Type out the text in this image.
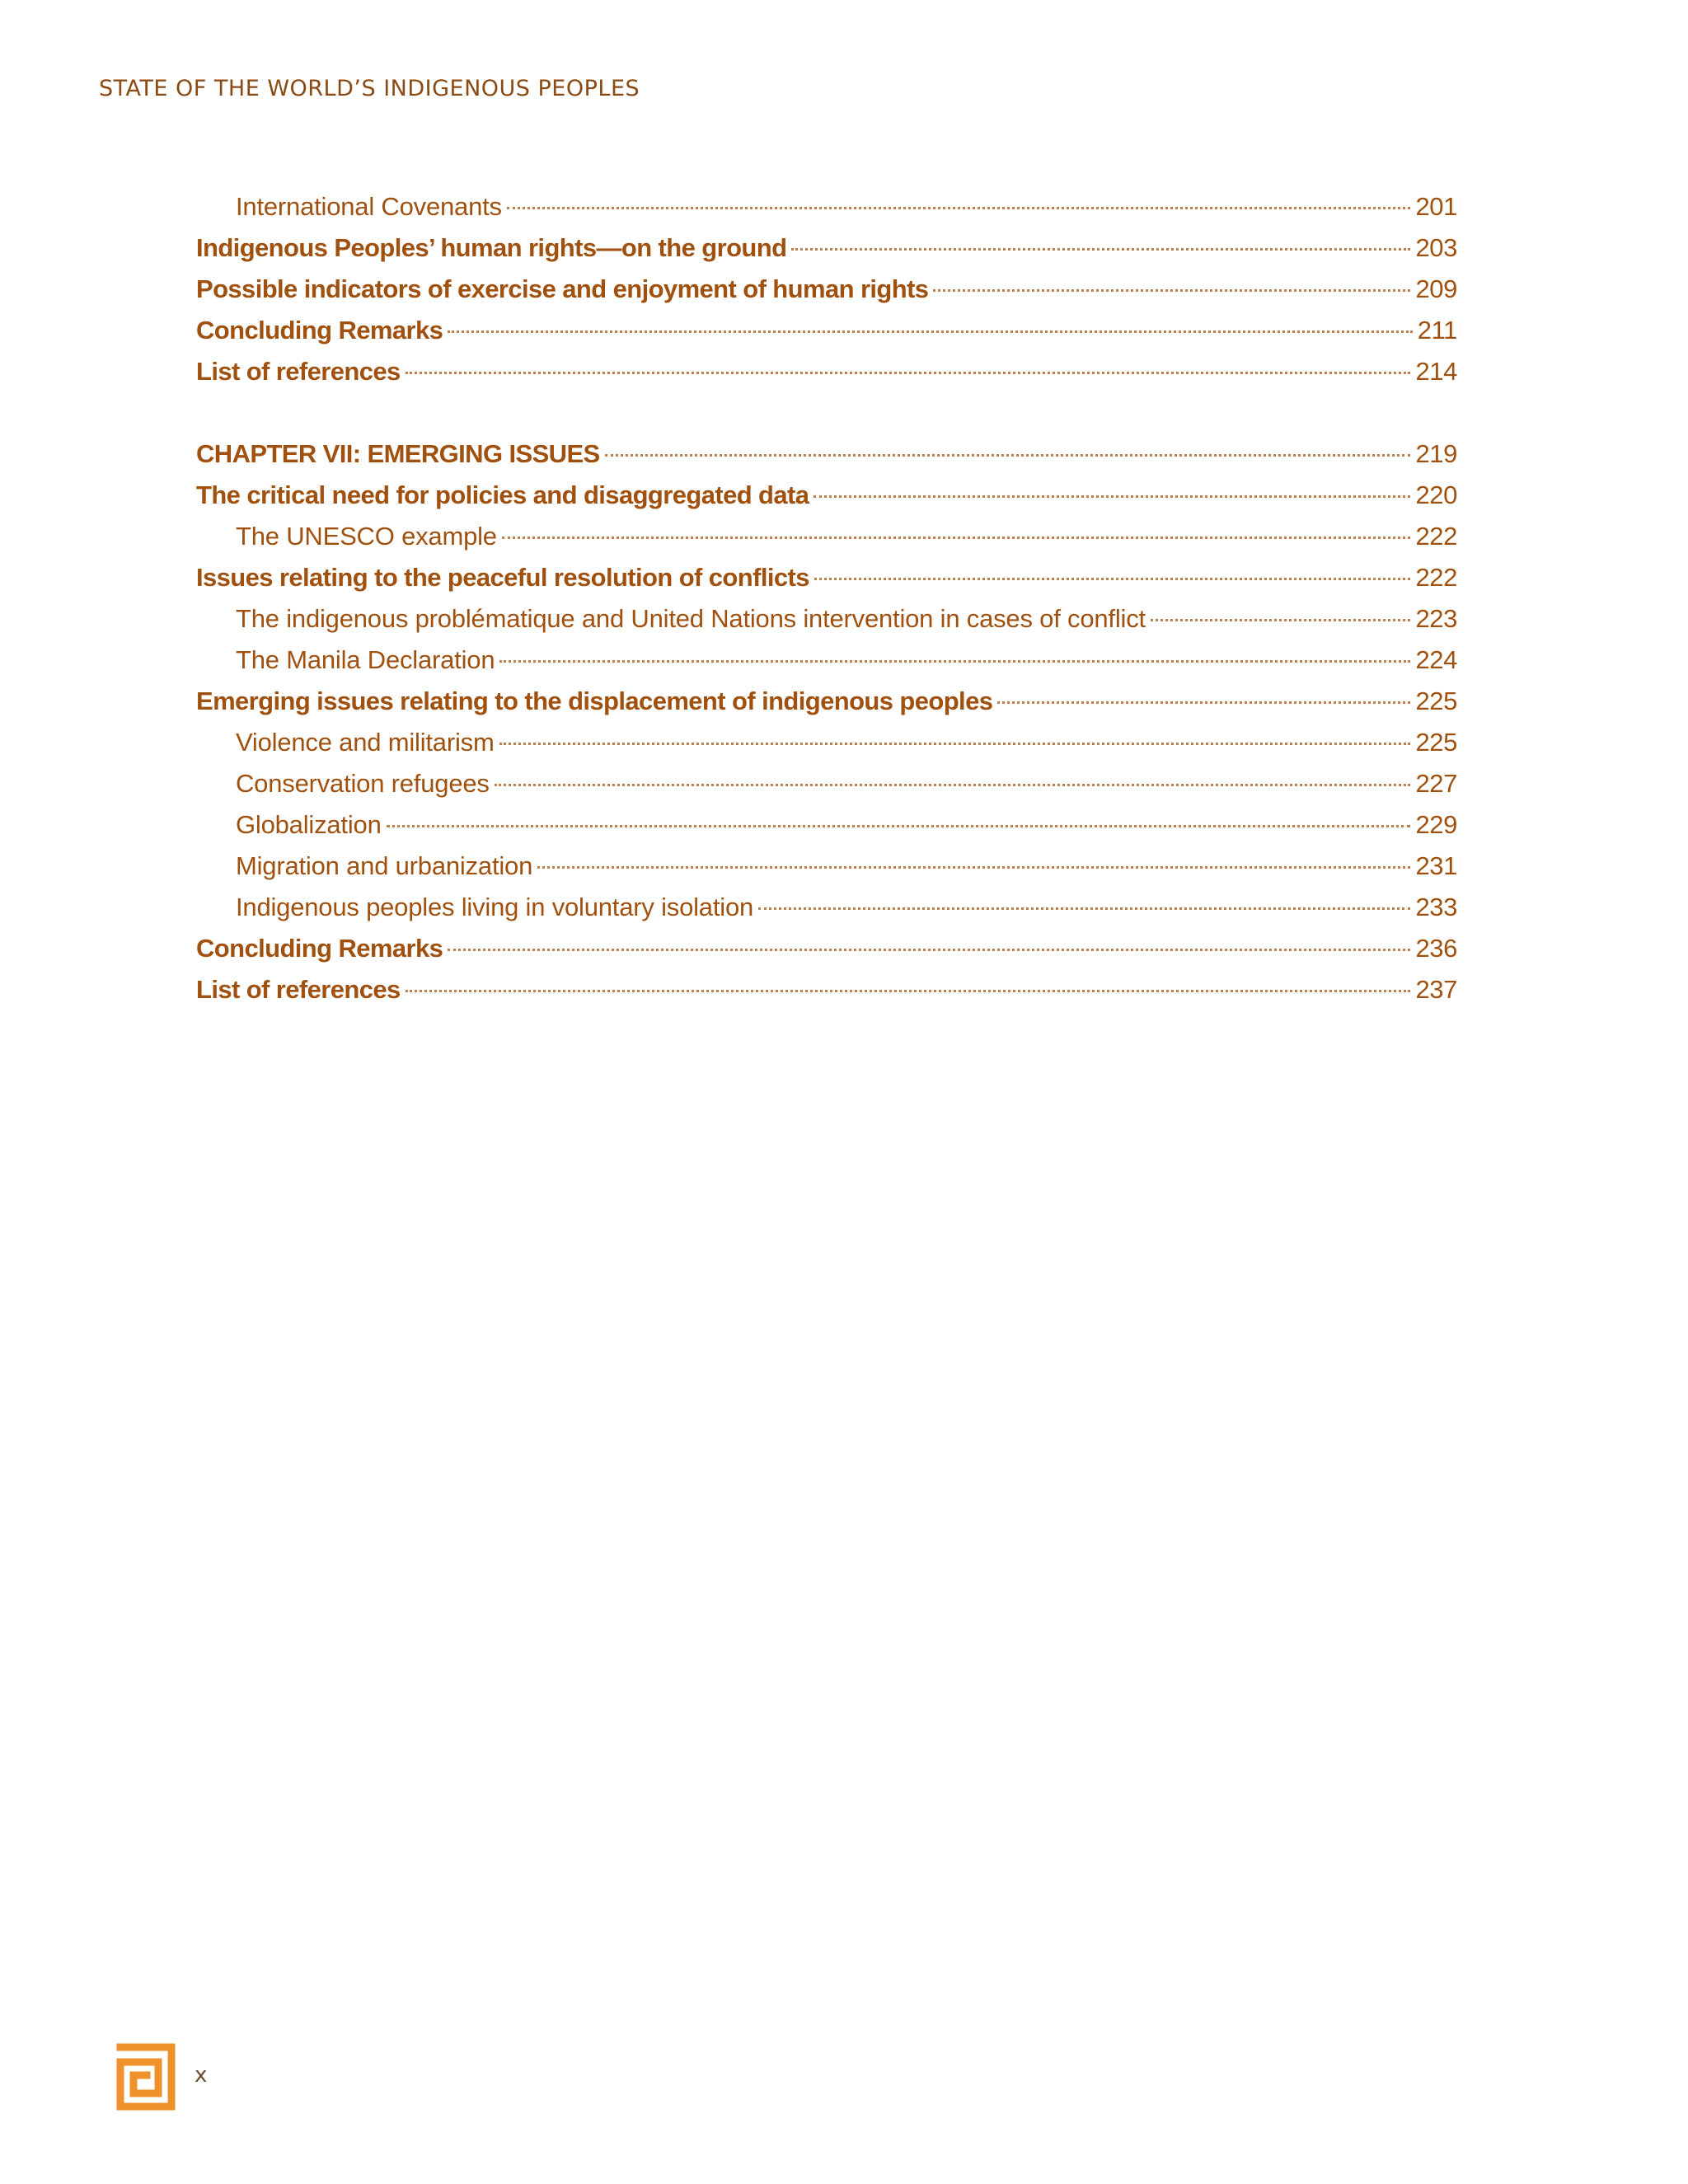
STATE OF THE WORLD’S INDIGENOUS PEOPLES
International Covenants	201
Indigenous Peoples’ human rights—on the ground	203
Possible indicators of exercise and enjoyment of human rights	209
Concluding Remarks	211
List of references	214
CHAPTER VII: EMERGING ISSUES	219
The critical need for policies and disaggregated data	220
The UNESCO example	222
Issues relating to the peaceful resolution of conflicts	222
The indigenous problématique and United Nations intervention in cases of conflict	223
The Manila Declaration	224
Emerging issues relating to the displacement of indigenous peoples	225
Violence and militarism	225
Conservation refugees	227
Globalization	229
Migration and urbanization	231
Indigenous peoples living in voluntary isolation	233
Concluding Remarks	236
List of references	237
x
